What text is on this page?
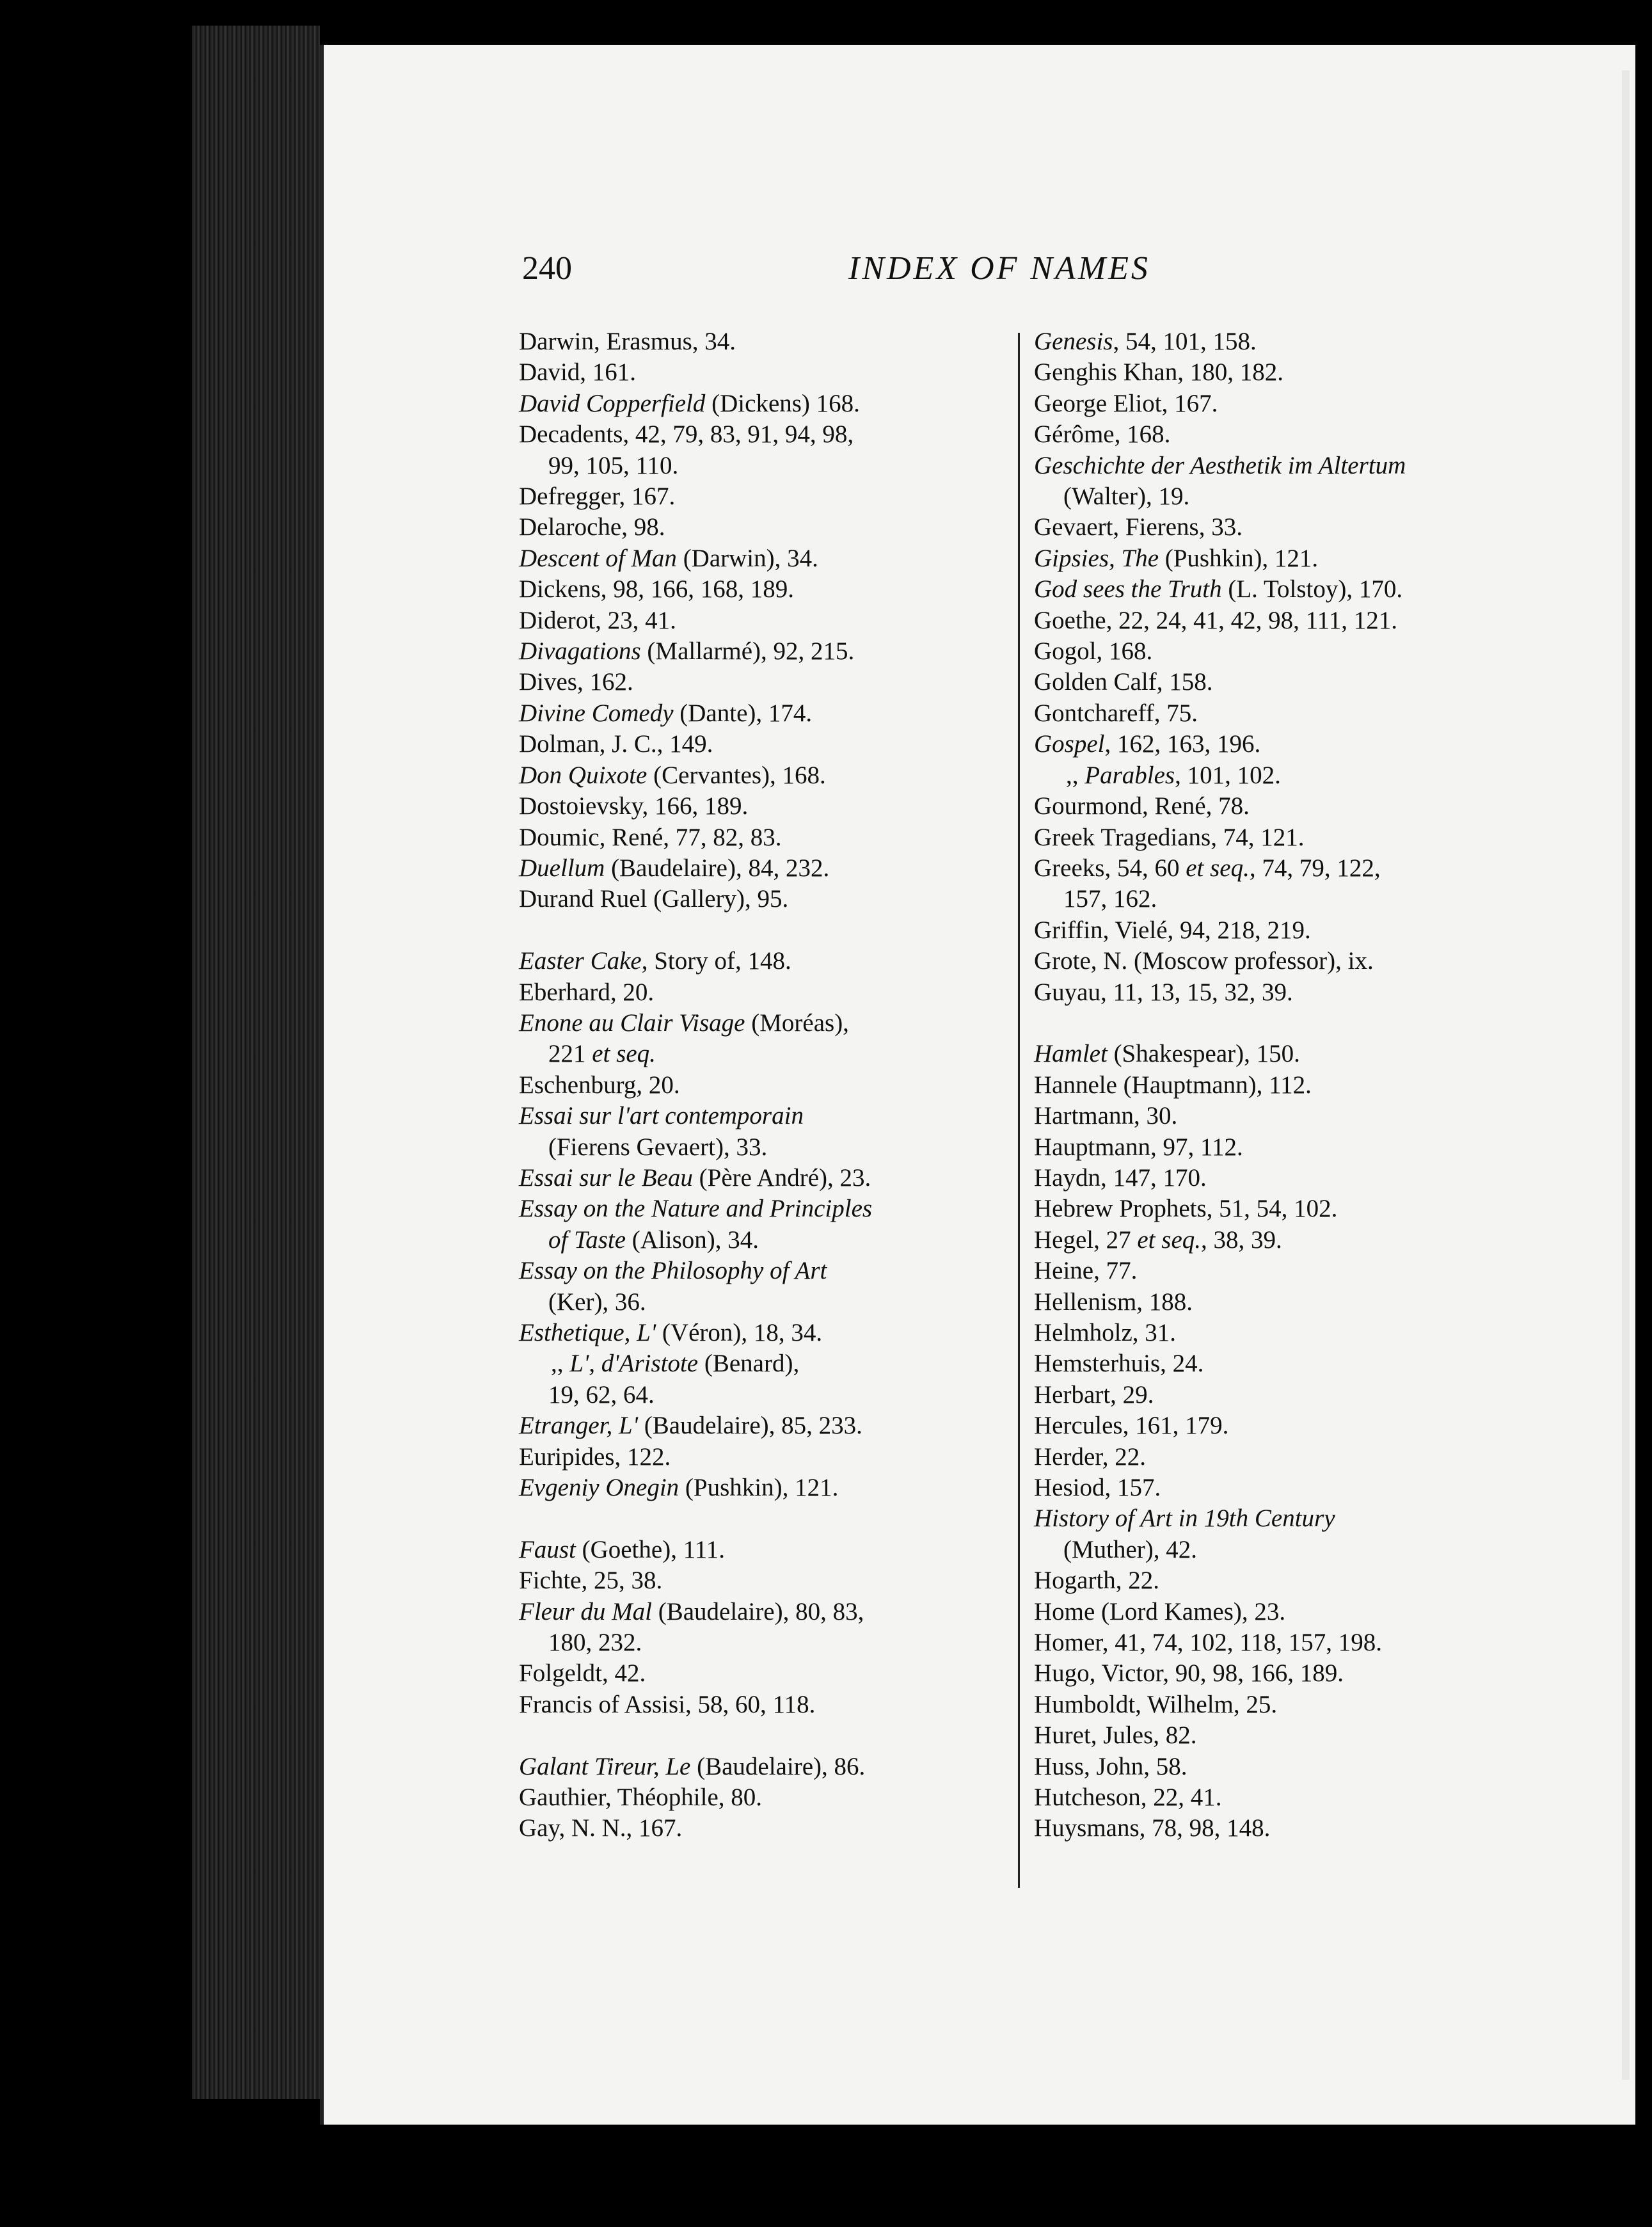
240	INDEX OF NAMES
Darwin, Erasmus, 34.
David, 161.
David Copperfield (Dickens) 168.
Decadents, 42, 79, 83, 91, 94, 98,
99, 105, 110.
Defregger, 167.
Delaroche, 98.
Descent of Man (Darwin), 34.
Dickens, 98, 166, 168, 189.
Diderot, 23, 41.
Divagations (Mallarmé), 92, 215.
Dives, 162.
Divine Comedy (Dante), 174.
Dolman, J. C., 149.
Don Quixote (Cervantes), 168.
Dostoievsky, 166, 189.
Doumic, René, 77, 82, 83.
Duellum (Baudelaire), 84, 232.
Durand Ruel (Gallery), 95.
Easter Cake, Story of, 148.
Eberhard, 20.
Enone au Clair Visage (Moréas),
221 et seq.
Eschenburg, 20.
Essai sur l'art contemporain
(Fierens Gevaert), 33.
Essai sur le Beau (Père André), 23.
Essay on the Nature and Principles
of Taste (Alison), 34.
Essay on the Philosophy of Art
(Ker), 36.
Esthetique, L' (Véron), 18, 34.
,, L', d'Aristote (Benard),
19, 62, 64.
Etranger, L' (Baudelaire), 85, 233.
Euripides, 122.
Evgeniy Onegin (Pushkin), 121.
Faust (Goethe), 111.
Fichte, 25, 38.
Fleur du Mal (Baudelaire), 80, 83,
180, 232.
Folgeldt, 42.
Francis of Assisi, 58, 60, 118.
Galant Tireur, Le (Baudelaire), 86.
Gauthier, Théophile, 80.
Gay, N. N., 167.
Genesis, 54, 101, 158.
Genghis Khan, 180, 182.
George Eliot, 167.
Gérôme, 168.
Geschichte der Aesthetik im Altertum
(Walter), 19.
Gevaert, Fierens, 33.
Gipsies, The (Pushkin), 121.
God sees the Truth (L. Tolstoy), 170.
Goethe, 22, 24, 41, 42, 98, 111, 121.
Gogol, 168.
Golden Calf, 158.
Gontchareff, 75.
Gospel, 162, 163, 196.
,, Parables, 101, 102.
Gourmond, René, 78.
Greek Tragedians, 74, 121.
Greeks, 54, 60 et seq., 74, 79, 122,
157, 162.
Griffin, Vielé, 94, 218, 219.
Grote, N. (Moscow professor), ix.
Guyau, 11, 13, 15, 32, 39.
Hamlet (Shakespear), 150.
Hannele (Hauptmann), 112.
Hartmann, 30.
Hauptmann, 97, 112.
Haydn, 147, 170.
Hebrew Prophets, 51, 54, 102.
Hegel, 27 et seq., 38, 39.
Heine, 77.
Hellenism, 188.
Helmholz, 31.
Hemsterhuis, 24.
Herbart, 29.
Hercules, 161, 179.
Herder, 22.
Hesiod, 157.
History of Art in 19th Century
(Muther), 42.
Hogarth, 22.
Home (Lord Kames), 23.
Homer, 41, 74, 102, 118, 157, 198.
Hugo, Victor, 90, 98, 166, 189.
Humboldt, Wilhelm, 25.
Huret, Jules, 82.
Huss, John, 58.
Hutcheson, 22, 41.
Huysmans, 78, 98, 148.
